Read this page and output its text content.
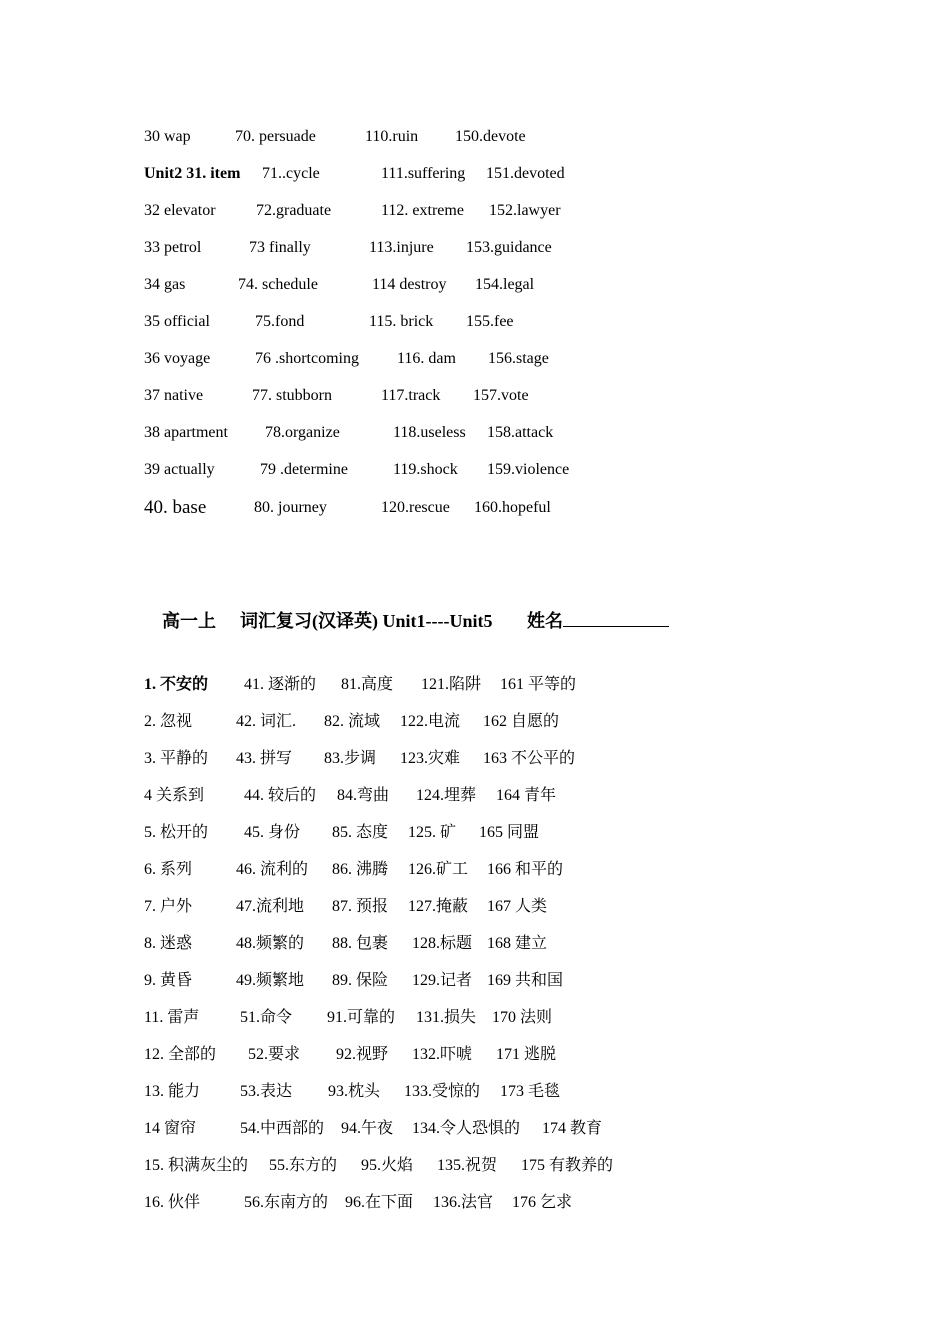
30 wap	70. persuade	110.ruin 150.devote
Unit2 31. item 71..cycle	111.suffering 151.devoted
32 elevator	72.graduate	112. extreme 152.lawyer
33 petrol	73 finally	113.injure 153.guidance
34 gas	74. schedule	114 destroy 154.legal
35 official	75.fond	115. brick 155.fee
36 voyage	76 .shortcoming 116. dam 156.stage
37 native	77. stubborn	117.track 157.vote
38 apartment 78.organize	118.useless 158.attack
39 actually	79 .determine	119.shock 159.violence
40. base	80. journey	120.rescue 160.hopeful
高一上 词汇复习(汉译英) Unit1----Unit5 姓名
1. 不安的 41. 逐渐的 81.高度 121.陷阱 161 平等的
2. 忽视	42. 词汇. 82. 流域 122.电流 162 自愿的
3. 平静的 43. 拼写 83.步调 123.灾难 163 不公平的
4 关系到 44. 较后的 84.弯曲 124.埋葬 164 青年
5. 松开的 45. 身份 85. 态度 125. 矿 165 同盟
6. 系列	46. 流利的 86. 沸腾 126.矿工 166 和平的
7. 户外	47.流利地 87. 预报 127.掩蔽 167 人类
8. 迷惑	48.频繁的 88. 包裹 128.标题 168 建立
9. 黄昏	49.频繁地 89. 保险 129.记者 169 共和国
11. 雷声	51.命令 91.可靠的 131.损失 170 法则
12. 全部的 52.要求 92.视野 132.吓唬 171 逃脱
13. 能力 53.表达 93.枕头 133.受惊的 173 毛毯
14 窗帘	54.中西部的 94.午夜 134.令人恐惧的 174 教育
15. 积满灰尘的 55.东方的 95.火焰 135.祝贺 175 有教养的
16. 伙伴	56.东南方的 96.在下面 136.法官 176 乞求
